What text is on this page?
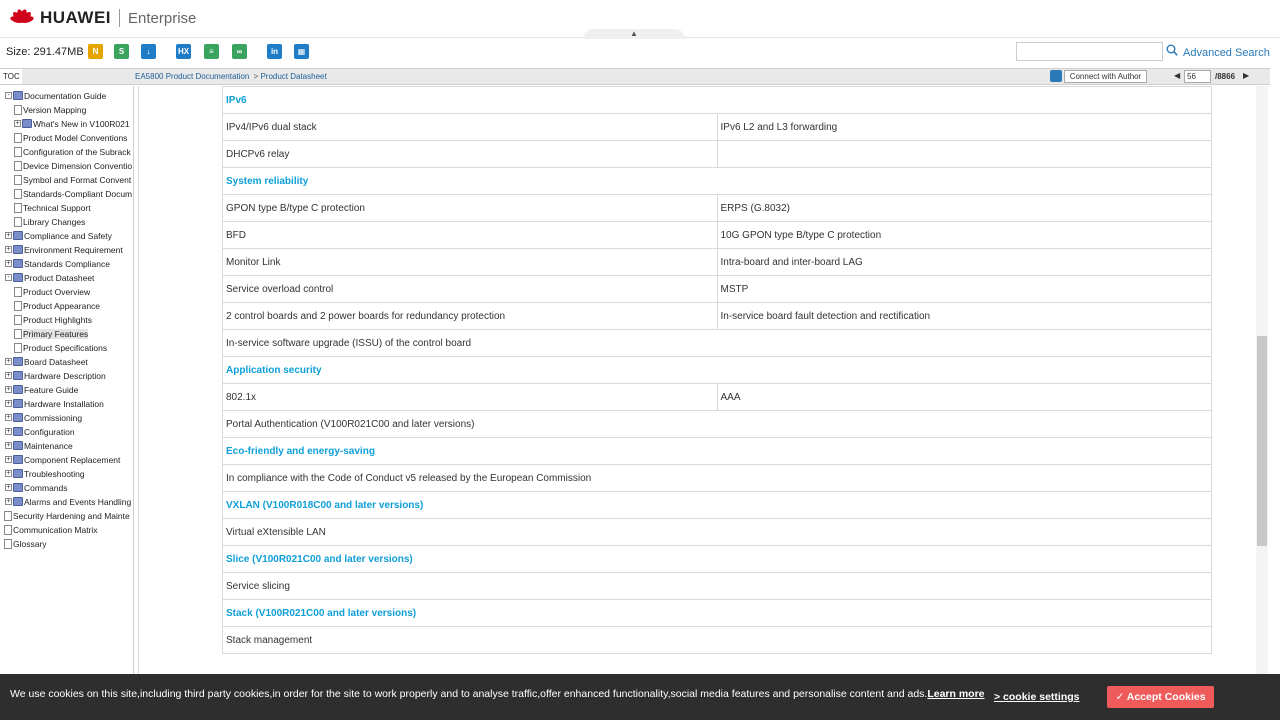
HUAWEI Enterprise
▲
Size: 291.47MB	N	S	↓	HX	≡	∞	in	▦	Advanced Search
TOC	EA5800 Product Documentation > Product Datasheet	Connect with Author	◀ 56	/8866 ▶
- Documentation Guide
Version Mapping
+ What's New in V100R021
Product Model Conventions
Configuration of the Subrack
Device Dimension Conventio
Symbol and Format Convent
Standards-Compliant Docum
Technical Support
Library Changes
+ Compliance and Safety
+ Environment Requirement
+ Standards Compliance
- Product Datasheet
Product Overview
Product Appearance
Product Highlights
Primary Features
Product Specifications
+ Board Datasheet
+ Hardware Description
+ Feature Guide
+ Hardware Installation
+ Commissioning
+ Configuration
+ Maintenance
+ Component Replacement
+ Troubleshooting
+ Commands
+ Alarms and Events Handling
Security Hardening and Mainte
Communication Matrix
Glossary
IPv6	
IPv4/IPv6 dual stack	IPv6 L2 and L3 forwarding
DHCPv6 relay	
System reliability	
GPON type B/type C protection	ERPS (G.8032)
BFD	10G GPON type B/type C protection
Monitor Link	Intra-board and inter-board LAG
Service overload control	MSTP
2 control boards and 2 power boards for redundancy protection	In-service board fault detection and rectification
In-service software upgrade (ISSU) of the control board	
Application security	
802.1x	AAA
Portal Authentication (V100R021C00 and later versions)	
Eco-friendly and energy-saving	
In compliance with the Code of Conduct v5 released by the European Commission	
VXLAN (V100R018C00 and later versions)	
Virtual eXtensible LAN	
Slice (V100R021C00 and later versions)	
Service slicing	
Stack (V100R021C00 and later versions)	
Stack management	
We use cookies on this site,including third party cookies,in order for the site to work properly and to analyse traffic,offer enhanced functionality,social media features and personalise content and ads.Learn more > cookie settings	✓ Accept Cookies
